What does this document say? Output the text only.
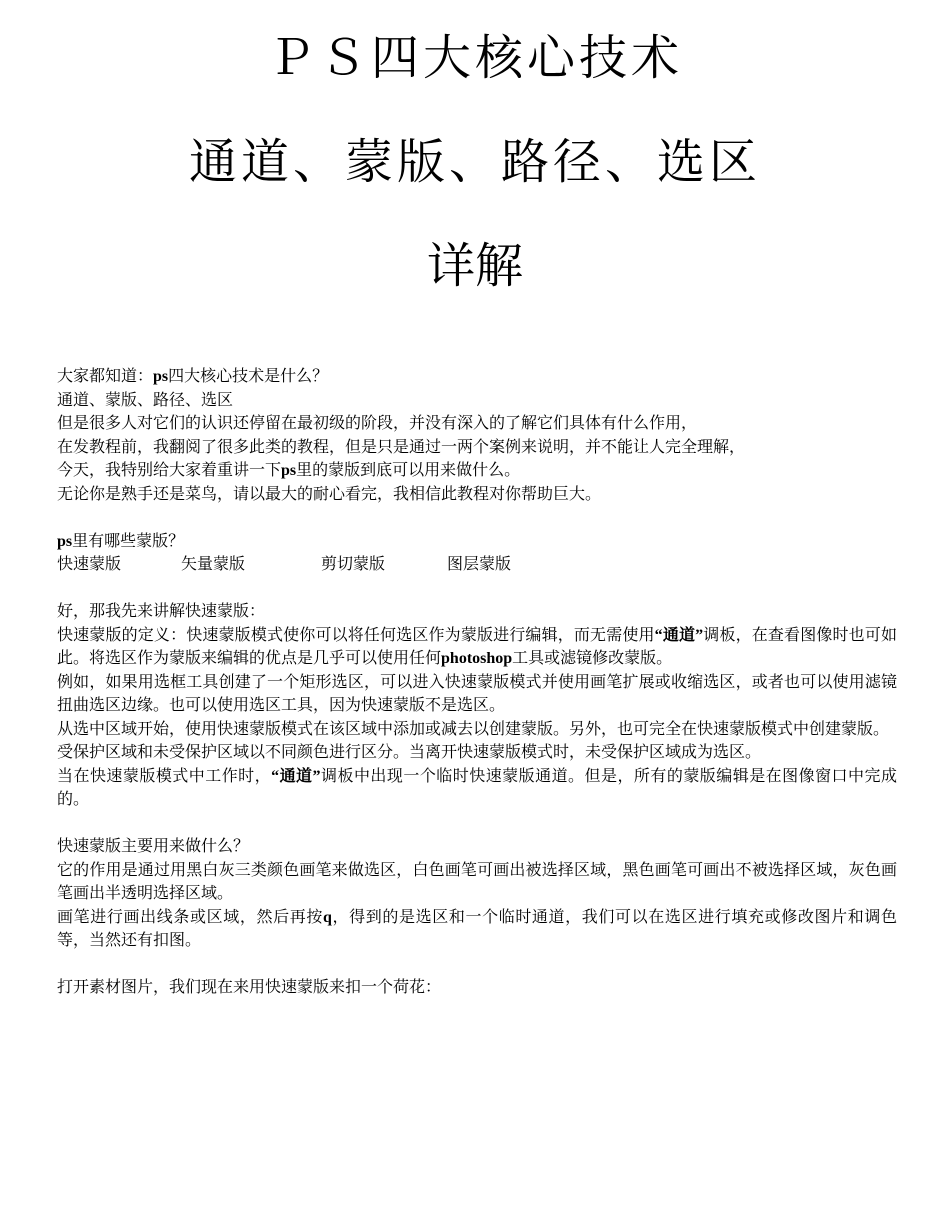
ＰＳ四大核心技术
通道、蒙版、路径、选区
详解
大家都知道：ps四大核心技术是什么？
通道、蒙版、路径、选区
但是很多人对它们的认识还停留在最初级的阶段，并没有深入的了解它们具体有什么作用，
在发教程前，我翻阅了很多此类的教程，但是只是通过一两个案例来说明，并不能让人完全理解，
今天，我特别给大家着重讲一下ps里的蒙版到底可以用来做什么。
无论你是熟手还是菜鸟，请以最大的耐心看完，我相信此教程对你帮助巨大。
ps里有哪些蒙版？
快速蒙版	矢量蒙版	剪切蒙版	图层蒙版
好，那我先来讲解快速蒙版：
快速蒙版的定义：快速蒙版模式使你可以将任何选区作为蒙版进行编辑，而无需使用“通道”调板，在查看图像时也可如此。将选区作为蒙版来编辑的优点是几乎可以使用任何photoshop工具或滤镜修改蒙版。
例如，如果用选框工具创建了一个矩形选区，可以进入快速蒙版模式并使用画笔扩展或收缩选区，或者也可以使用滤镜扭曲选区边缘。也可以使用选区工具，因为快速蒙版不是选区。
从选中区域开始，使用快速蒙版模式在该区域中添加或减去以创建蒙版。另外，也可完全在快速蒙版模式中创建蒙版。
受保护区域和未受保护区域以不同颜色进行区分。当离开快速蒙版模式时，未受保护区域成为选区。
当在快速蒙版模式中工作时，“通道”调板中出现一个临时快速蒙版通道。但是，所有的蒙版编辑是在图像窗口中完成的。
快速蒙版主要用来做什么？
它的作用是通过用黑白灰三类颜色画笔来做选区，白色画笔可画出被选择区域，黑色画笔可画出不被选择区域，灰色画笔画出半透明选择区域。
画笔进行画出线条或区域，然后再按q，得到的是选区和一个临时通道，我们可以在选区进行填充或修改图片和调色等，当然还有扣图。
打开素材图片，我们现在来用快速蒙版来扣一个荷花：
